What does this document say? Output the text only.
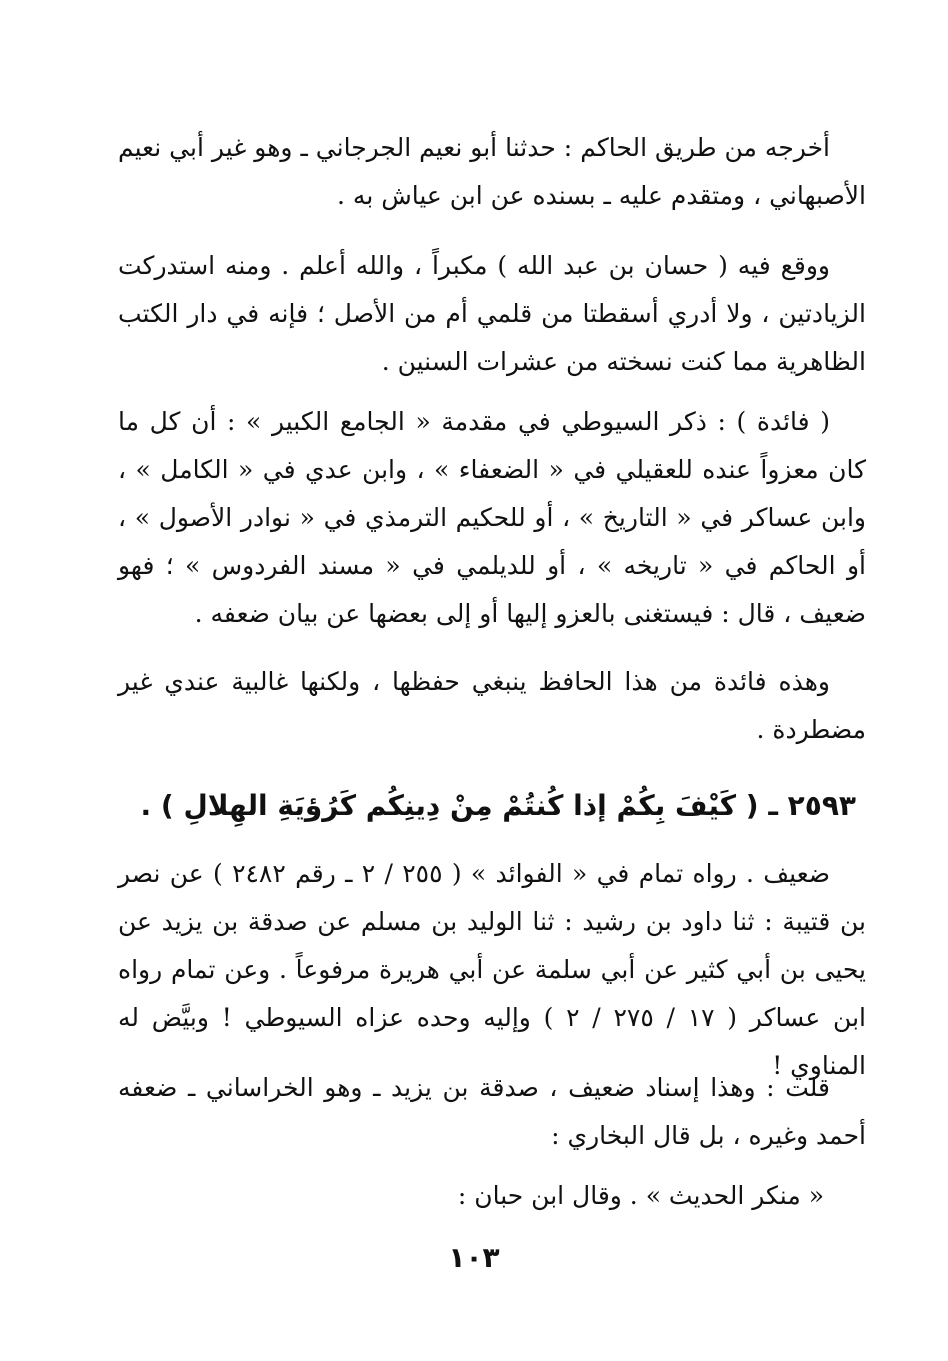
أخرجه من طريق الحاكم : حدثنا أبو نعيم الجرجاني ـ وهو غير أبي نعيم الأصبهاني ، ومتقدم عليه ـ بسنده عن ابن عياش به .

ووقع فيه ( حسان بن عبد الله ) مكبراً ، والله أعلم . ومنه استدركت الزيادتين ، ولا أدري أسقطتا من قلمي أم من الأصل ؛ فإنه في دار الكتب الظاهرية مما كنت نسخته من عشرات السنين .

( فائدة ) : ذكر السيوطي في مقدمة « الجامع الكبير » : أن كل ما كان معزواً عنده للعقيلي في « الضعفاء » ، وابن عدي في « الكامل » ، وابن عساكر في « التاريخ » ، أو للحكيم الترمذي في « نوادر الأصول » ، أو الحاكم في « تاريخه » ، أو للديلمي في « مسند الفردوس » ؛ فهو ضعيف ، قال : فيستغنى بالعزو إليها أو إلى بعضها عن بيان ضعفه .

وهذه فائدة من هذا الحافظ ينبغي حفظها ، ولكنها غالبية عندي غير مضطردة .

٢٥٩٣ ـ ( كَيْفَ بِكُمْ إذا كُنتُمْ مِنْ دِينِكُم كَرُؤيَةِ الهِلالِ ) .

ضعيف . رواه تمام في « الفوائد » ( ٢٥٥ / ٢ ـ رقم ٢٤٨٢ ) عن نصر بن قتيبة : ثنا داود بن رشيد : ثنا الوليد بن مسلم عن صدقة بن يزيد عن يحيى بن أبي كثير عن أبي سلمة عن أبي هريرة مرفوعاً . وعن تمام رواه ابن عساكر ( ١٧ / ٢٧٥ / ٢ ) وإليه وحده عزاه السيوطي ! وبيَّض له المناوي !

قلت : وهذا إسناد ضعيف ، صدقة بن يزيد ـ وهو الخراساني ـ ضعفه أحمد وغيره ، بل قال البخاري :

« منكر الحديث » . وقال ابن حبان :

١٠٣
